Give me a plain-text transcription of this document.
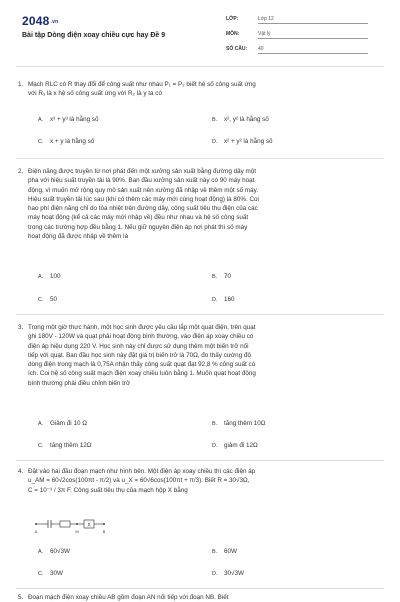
2048.vn
Bài tập Dòng điện xoay chiều cực hay Đề 9
LỚP:	Lớp 12
MÔN:	Vật lý
SỐ CÂU: 40
1. Mạch RLC có R thay đổi để công suất như nhau P₁ = P₂ biết hệ số công suất ứng
với R₁ là x hệ số công suất ứng với R₂ là y ta có
A. x³ + y³ là hằng số	B. x², y² là hằng số
C. x + y là hằng số	D. x² + y² là hằng số
2. Điện năng được truyền từ nơi phát đến một xưởng sản xuất bằng đường dây một
pha với hiệu suất truyền tải là 90%. Ban đầu xưởng sản xuất này có 90 máy hoạt
động, vì muốn mở rộng quy mô sản xuất nên xưởng đã nhập về thêm một số máy.
Hiệu suất truyền tải lúc sau (khi có thêm các máy mới cùng hoạt động) là 80%. Coi
hao phí điện năng chỉ do tỏa nhiệt trên đường dây, công suất tiêu thụ điện của các
máy hoạt động (kể cả các máy mới nhập về) đều như nhau và hệ số công suất
trong các trường hợp đều bằng 1. Nếu giữ nguyên điện áp nơi phát thì số máy
hoạt động đã được nhập về thêm là
A. 100	B. 70
C. 50	D. 160
3. Trong một giờ thực hành, một học sinh được yêu cầu lắp một quạt điện, trên quạt
ghi 180V - 120W và quạt phải hoạt động bình thường, vào điện áp xoay chiều có
điện áp hiệu dụng 220 V. Học sinh này chỉ được sử dụng thêm một biến trở nối
tiếp với quạt. Ban đầu học sinh này đặt giá trị biến trở là 70Ω, đo thấy cường độ
dòng điện trong mạch là 0,75A nhận thấy công suất quạt đạt 92,8 % công suất có
ích. Coi hệ số công suất mạch điện xoay chiều luôn bằng 1. Muốn quạt hoạt động
bình thường phải điều chỉnh biến trở
A. Giảm đi 10 Ω	B. tăng thêm 10Ω
C. tăng thêm 12Ω	D. giảm đi 12Ω
4. Đặt vào hai đầu đoạn mạch như hình bên. Một điện áp xoay chiều thì các điện áp
u_AM = 60√2cos(100πt - π/2) và u_X = 60√6cos(100πt + π/3). Biết R = 30√3Ω,
C = 10⁻³ / 3π F. Công suất tiêu thụ của mạch hộp X bằng
X
A	M	B
A. 60√3W	B. 60W
C. 30W	D. 30√3W
5. Đoạn mạch điện xoay chiều AB gồm đoạn AN nối tiếp với đoạn NB. Biết
